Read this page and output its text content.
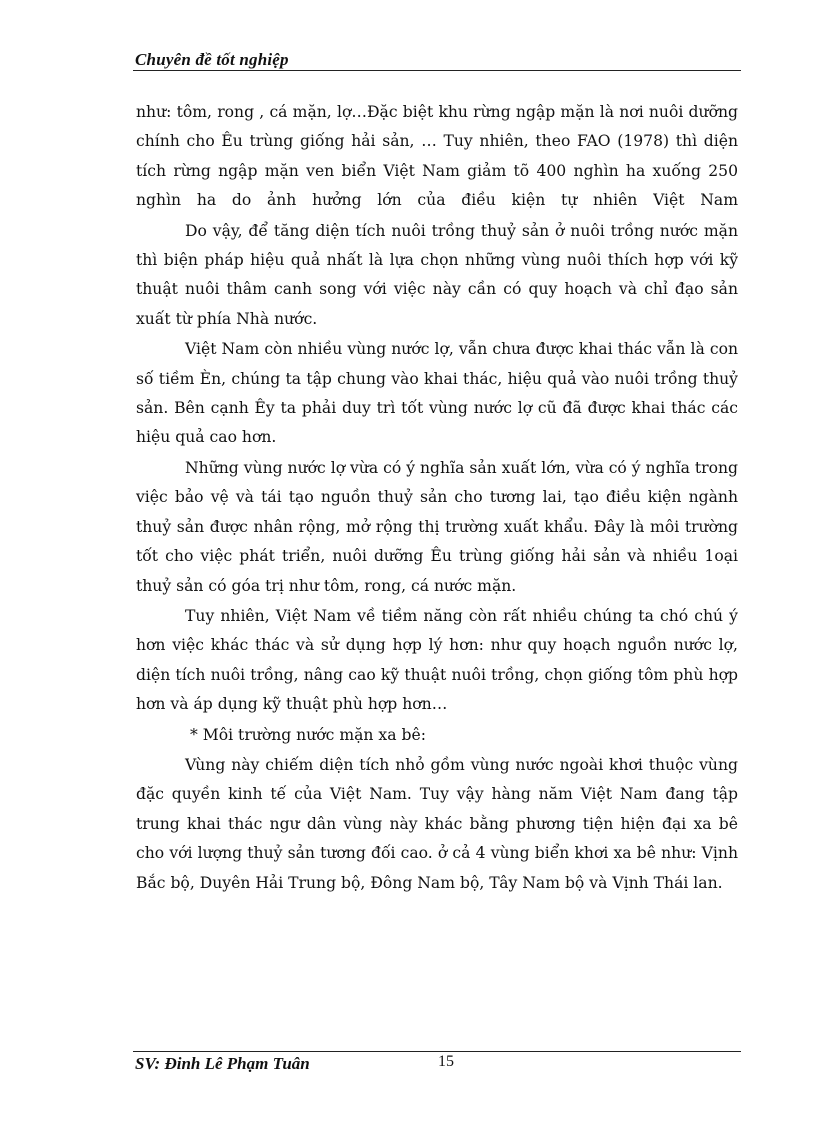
Chuyên đề tốt nghiệp

như: tôm, rong , cá mặn, lợ…Đặc biệt khu rừng ngập mặn là nơi nuôi dưỡng chính cho Êu trùng giống hải sản, … Tuy nhiên, theo FAO (1978) thì diện tích rừng ngập mặn ven biển Việt Nam giảm tõ 400 nghìn ha xuống 250 nghìn ha do ảnh hưởng lớn của điều kiện tự nhiên Việt Nam

Do vậy, để tăng diện tích nuôi trồng thuỷ sản ở nuôi trồng nước mặn thì biện pháp hiệu quả nhất là lựa chọn những vùng nuôi thích hợp với kỹ thuật nuôi thâm canh song với việc này cần có quy hoạch và chỉ đạo sản xuất từ phía Nhà nước.

Việt Nam còn nhiều vùng nước lợ, vẫn chưa được khai thác vẫn là con số tiềm Èn, chúng ta tập chung vào khai thác, hiệu quả vào nuôi trồng thuỷ sản. Bên cạnh Êy ta phải duy trì tốt vùng nước lợ cũ đã được khai thác các hiệu quả cao hơn.

Những vùng nước lợ vừa có ý nghĩa sản xuất lớn, vừa có ý nghĩa trong việc bảo vệ và tái tạo nguồn thuỷ sản cho tương lai, tạo điều kiện ngành thuỷ sản được nhân rộng, mở rộng thị trường xuất khẩu. Đây là môi trường tốt cho việc phát triển, nuôi dưỡng Êu trùng giống hải sản và nhiều 1oại thuỷ sản có góa trị như tôm, rong, cá nước mặn.

Tuy nhiên, Việt Nam về tiềm năng còn rất nhiều chúng ta chó chú ý hơn việc khác thác và sử dụng hợp lý hơn: như quy hoạch nguồn nước lợ, diện tích nuôi trồng, nâng cao kỹ thuật nuôi trồng, chọn giống tôm phù hợp hơn và áp dụng kỹ thuật phù hợp hơn…

* Môi trường nước mặn xa bê:

Vùng này chiếm diện tích nhỏ gồm vùng nước ngoài khơi thuộc vùng đặc quyền kinh tế của Việt Nam. Tuy vậy hàng năm Việt Nam đang tập trung khai thác ngư dân vùng này khác bằng phương tiện hiện đại xa bê cho với lượng thuỷ sản tương đối cao. ở cả 4 vùng biển khơi xa bê như: Vịnh Bắc bộ, Duyên Hải Trung bộ, Đông Nam bộ, Tây Nam bộ và Vịnh Thái lan.

SV: Đinh Lê Phạm Tuân	15
